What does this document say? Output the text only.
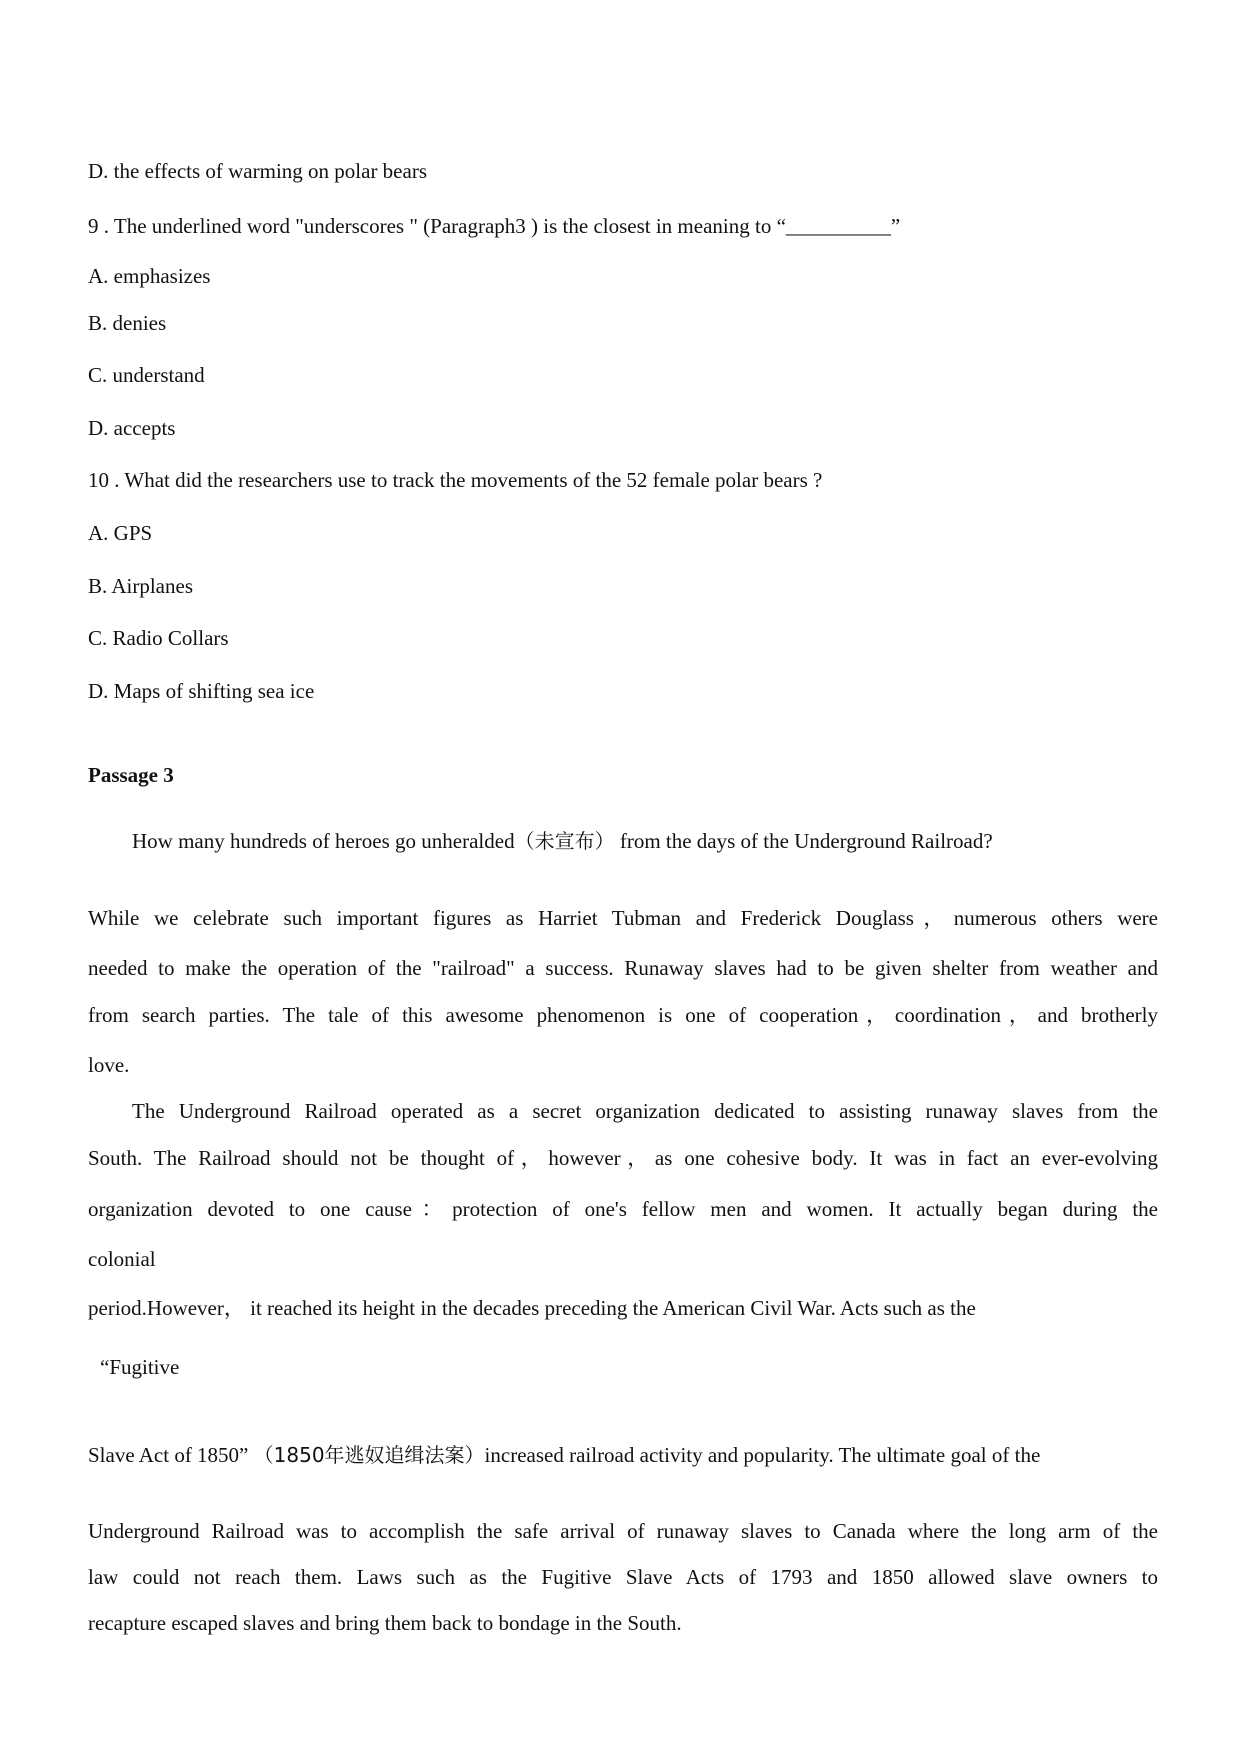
D. the effects of warming on polar bears

9 . The underlined word "underscores " (Paragraph3 ) is the closest in meaning to “__________”

A. emphasizes

B. denies

C. understand

D. accepts

10 . What did the researchers use to track the movements of the 52 female polar bears ?

A. GPS

B. Airplanes

C. Radio Collars

D. Maps of shifting sea ice

Passage 3

How many hundreds of heroes go unheralded（未宣布） from the days of the Underground Railroad?

While we celebrate such important figures as Harriet Tubman and Frederick Douglass，numerous others were

needed to make the operation of the "railroad" a success. Runaway slaves had to be given shelter from weather and

from search parties. The tale of this awesome phenomenon is one of cooperation，coordination，and brotherly

love.

The Underground Railroad operated as a secret organization dedicated to assisting runaway slaves from the

South. The Railroad should not be thought of，however，as one cohesive body. It was in fact an ever-evolving

organization devoted to one cause：protection of one's fellow men and women. It actually began during the

colonial

period.However， it reached its height in the decades preceding the American Civil War. Acts such as the

“Fugitive

Slave Act of 1850” （1850年逃奴追缉法案）increased railroad activity and popularity. The ultimate goal of the

Underground Railroad was to accomplish the safe arrival of runaway slaves to Canada where the long arm of the

law could not reach them. Laws such as the Fugitive Slave Acts of 1793 and 1850 allowed slave owners to

recapture escaped slaves and bring them back to bondage in the South.
